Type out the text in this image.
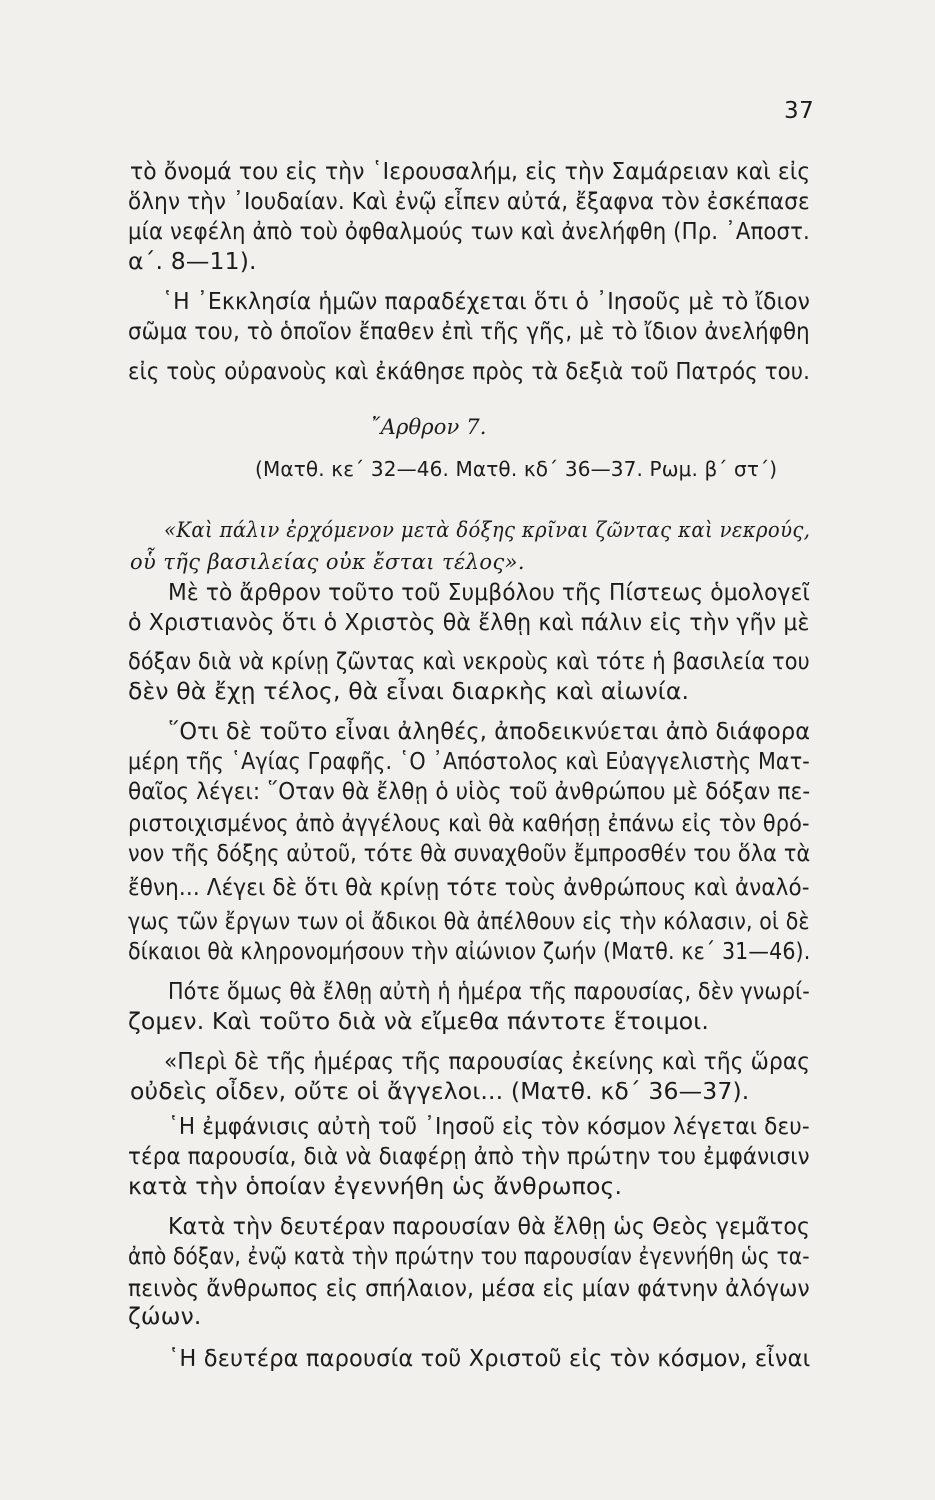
37
τὸ ὄνομά του εἰς τὴν ῾Ιερουσαλήμ, εἰς τὴν Σαμάρειαν καὶ εἰς
ὅλην τὴν ᾿Ιουδαίαν. Καὶ ἐνῷ εἶπεν αὐτά, ἔξαφνα τὸν ἐσκέπασε
μία νεφέλη ἀπὸ τοὺ ὀφθαλμούς των καὶ ἀνελήφθη (Πρ. ᾿Αποστ.
α΄. 8—11).
῾Η ᾿Εκκλησία ἡμῶν παραδέχεται ὅτι ὁ ᾿Ιησοῦς μὲ τὸ ἴδιον
σῶμα του, τὸ ὁποῖον ἔπαθεν ἐπὶ τῆς γῆς, μὲ τὸ ἴδιον ἀνελήφθη
εἰς τοὺς οὐρανοὺς καὶ ἐκάθησε πρὸς τὰ δεξιὰ τοῦ Πατρός του.
῎Αρθρον 7.
(Ματθ. κε΄ 32—46. Ματθ. κδ΄ 36—37. Ρωμ. β΄ στ΄)
«Καὶ πάλιν ἐρχόμενον μετὰ δόξης κρῖναι ζῶντας καὶ νεκρούς,
οὗ τῆς βασιλείας οὐκ ἔσται τέλος».
Μὲ τὸ ἄρθρον τοῦτο τοῦ Συμβόλου τῆς Πίστεως ὁμολογεῖ
ὁ Χριστιανὸς ὅτι ὁ Χριστὸς θὰ ἔλθῃ καὶ πάλιν εἰς τὴν γῆν μὲ
δόξαν διὰ νὰ κρίνῃ ζῶντας καὶ νεκροὺς καὶ τότε ἡ βασιλεία του
δὲν θὰ ἔχῃ τέλος, θὰ εἶναι διαρκὴς καὶ αἰωνία.
῞Οτι δὲ τοῦτο εἶναι ἀληθές, ἀποδεικνύεται ἀπὸ διάφορα
μέρη τῆς ῾Αγίας Γραφῆς. ῾Ο ᾿Απόστολος καὶ Εὐαγγελιστὴς Ματ-
θαῖος λέγει: ῞Οταν θὰ ἔλθῃ ὁ υἱὸς τοῦ ἀνθρώπου μὲ δόξαν πε-
ριστοιχισμένος ἀπὸ ἀγγέλους καὶ θὰ καθήσῃ ἐπάνω εἰς τὸν θρό-
νον τῆς δόξης αὐτοῦ, τότε θὰ συναχθοῦν ἔμπροσθέν του ὅλα τὰ
ἔθνη... Λέγει δὲ ὅτι θὰ κρίνῃ τότε τοὺς ἀνθρώπους καὶ ἀναλό-
γως τῶν ἔργων των οἱ ἄδικοι θὰ ἀπέλθουν εἰς τὴν κόλασιν, οἱ δὲ
δίκαιοι θὰ κληρονομήσουν τὴν αἰώνιον ζωήν (Ματθ. κε΄ 31—46).
Πότε ὅμως θὰ ἔλθῃ αὐτὴ ἡ ἡμέρα τῆς παρουσίας, δὲν γνωρί-
ζομεν. Καὶ τοῦτο διὰ νὰ εἴμεθα πάντοτε ἕτοιμοι.
«Περὶ δὲ τῆς ἡμέρας τῆς παρουσίας ἐκείνης καὶ τῆς ὥρας
οὐδεὶς οἶδεν, οὔτε οἱ ἄγγελοι... (Ματθ. κδ΄ 36—37).
῾Η ἐμφάνισις αὐτὴ τοῦ ᾿Ιησοῦ εἰς τὸν κόσμον λέγεται δευ-
τέρα παρουσία, διὰ νὰ διαφέρῃ ἀπὸ τὴν πρώτην του ἐμφάνισιν
κατὰ τὴν ὁποίαν ἐγεννήθη ὡς ἄνθρωπος.
Κατὰ τὴν δευτέραν παρουσίαν θὰ ἔλθῃ ὡς Θεὸς γεμᾶτος
ἀπὸ δόξαν, ἐνῷ κατὰ τὴν πρώτην του παρουσίαν ἐγεννήθη ὡς τα-
πεινὸς ἄνθρωπος εἰς σπήλαιον, μέσα εἰς μίαν φάτνην ἀλόγων
ζώων.
῾Η δευτέρα παρουσία τοῦ Χριστοῦ εἰς τὸν κόσμον, εἶναι
